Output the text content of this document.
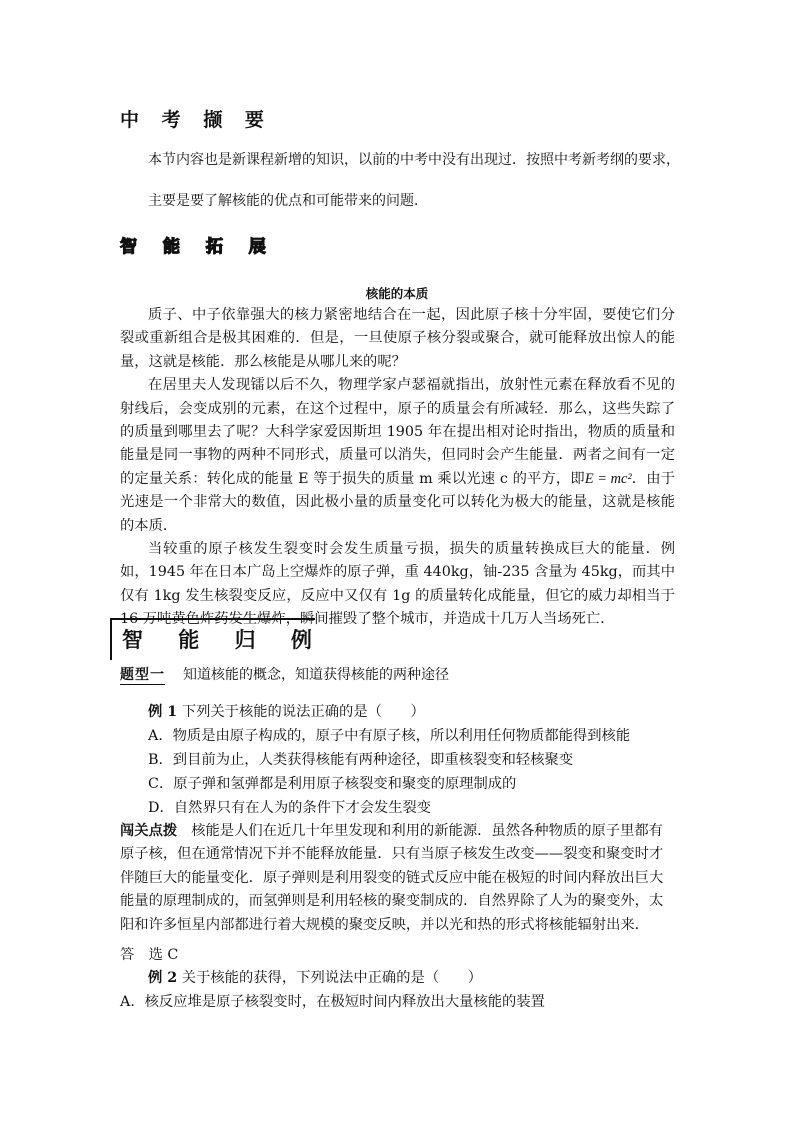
中 考 撷 要
本节内容也是新课程新增的知识，以前的中考中没有出现过．按照中考新考纲的要求，
主要是要了解核能的优点和可能带来的问题．
智 能 拓 展
核能的本质

质子、中子依靠强大的核力紧密地结合在一起，因此原子核十分牢固，要使它们分裂或重新组合是极其困难的．但是，一旦使原子核分裂或聚合，就可能释放出惊人的能量，这就是核能．那么核能是从哪儿来的呢？

在居里夫人发现镭以后不久，物理学家卢瑟福就指出，放射性元素在释放看不见的射线后，会变成别的元素，在这个过程中，原子的质量会有所减轻．那么，这些失踪了的质量到哪里去了呢？大科学家爱因斯坦 1905 年在提出相对论时指出，物质的质量和能量是同一事物的两种不同形式，质量可以消失，但同时会产生能量．两者之间有一定的定量关系：转化成的能量 E 等于损失的质量 m 乘以光速 c 的平方，即E = mc²．由于光速是一个非常大的数值，因此极小量的质量变化可以转化为极大的能量，这就是核能的本质．

当较重的原子核发生裂变时会发生质量亏损，损失的质量转换成巨大的能量．例如，1945 年在日本广岛上空爆炸的原子弹，重 440kg，铀-235 含量为 45kg，而其中仅有 1kg 发生核裂变反应，反应中又仅有 1g 的质量转化成能量，但它的威力却相当于 16 万吨黄色炸药发生爆炸，瞬间摧毁了整个城市，并造成十几万人当场死亡．

智 能 归 例
题型一 知道核能的概念，知道获得核能的两种途径
例 1 下列关于核能的说法正确的是（　　）
A．物质是由原子构成的，原子中有原子核，所以利用任何物质都能得到核能
B．到目前为止，人类获得核能有两种途径，即重核裂变和轻核聚变
C．原子弹和氢弹都是利用原子核裂变和聚变的原理制成的
D．自然界只有在人为的条件下才会发生裂变
闯关点拨 核能是人们在近几十年里发现和利用的新能源．虽然各种物质的原子里都有原子核，但在通常情况下并不能释放能量．只有当原子核发生改变——裂变和聚变时才伴随巨大的能量变化．原子弹则是利用裂变的链式反应中能在极短的时间内释放出巨大能量的原理制成的，而氢弹则是利用轻核的聚变制成的．自然界除了人为的聚变外，太阳和许多恒星内部都进行着大规模的聚变反映，并以光和热的形式将核能辐射出来．
答　选 C
例 2 关于核能的获得，下列说法中正确的是（　　）
A．核反应堆是原子核裂变时，在极短时间内释放出大量核能的装置
